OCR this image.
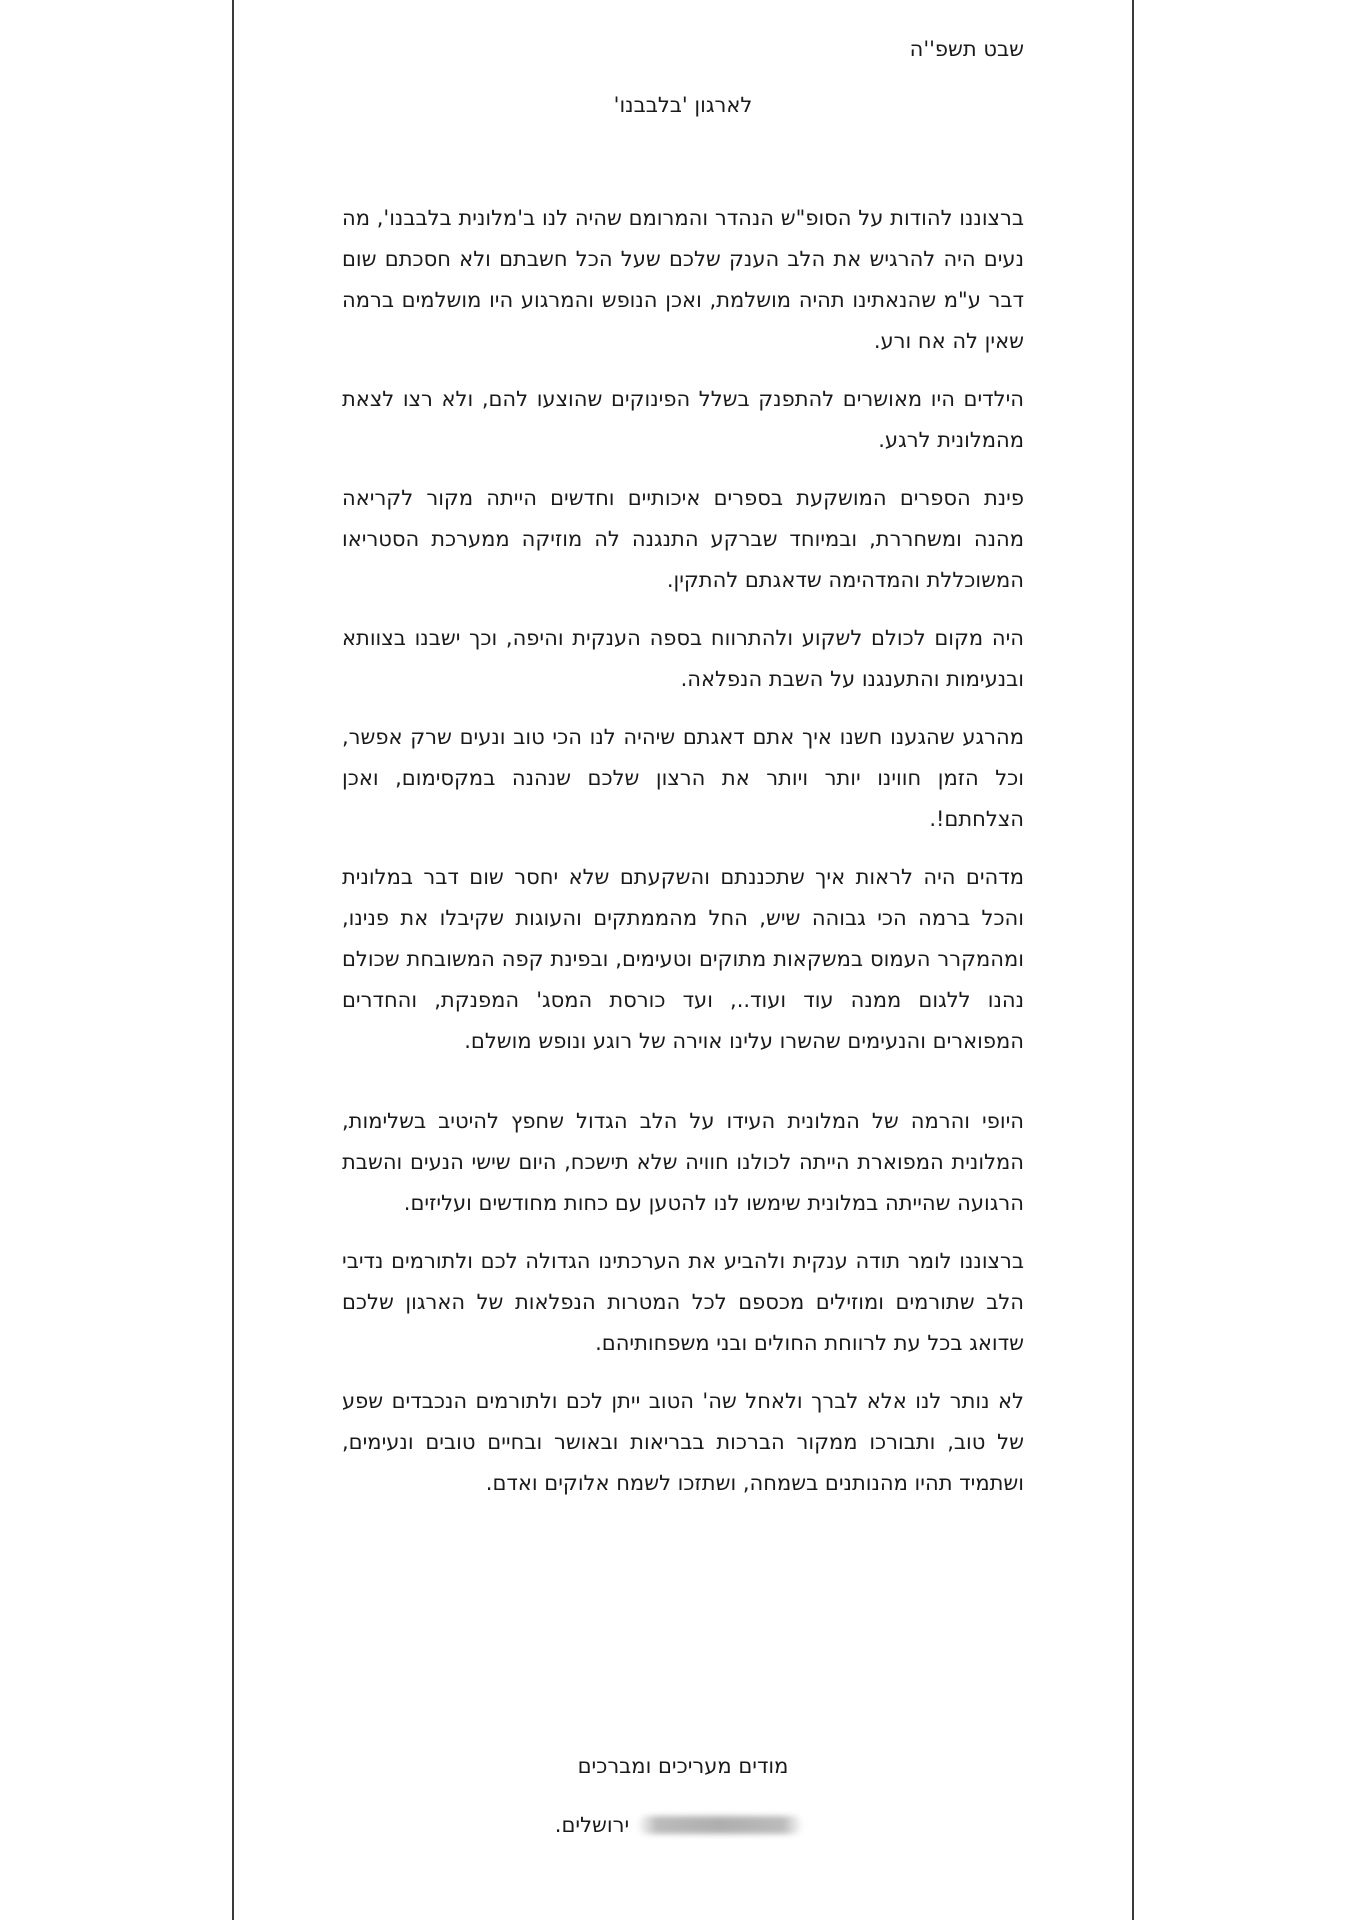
שבט תשפ''ה
לארגון 'בלבבנו'

ברצוננו להודות על הסופ"ש הנהדר והמרומם שהיה לנו ב'מלונית בלבבנו', מה נעים היה להרגיש את הלב הענק שלכם שעל הכל חשבתם ולא חסכתם שום דבר ע"מ שהנאתינו תהיה מושלמת, ואכן הנופש והמרגוע היו מושלמים ברמה שאין לה אח ורע.

הילדים היו מאושרים להתפנק בשלל הפינוקים שהוצעו להם, ולא רצו לצאת מהמלונית לרגע.

פינת הספרים המושקעת בספרים איכותיים וחדשים הייתה מקור לקריאה מהנה ומשחררת, ובמיוחד שברקע התנגנה לה מוזיקה ממערכת הסטריאו המשוכללת והמדהימה שדאגתם להתקין.

היה מקום לכולם לשקוע ולהתרווח בספה הענקית והיפה, וכך ישבנו בצוותא ובנעימות והתענגנו על השבת הנפלאה.

מהרגע שהגענו חשנו איך אתם דאגתם שיהיה לנו הכי טוב ונעים שרק אפשר, וכל הזמן חווינו יותר ויותר את הרצון שלכם שנהנה במקסימום, ואכן הצלחתם!.

מדהים היה לראות איך שתכננתם והשקעתם שלא יחסר שום דבר במלונית והכל ברמה הכי גבוהה שיש, החל מהממתקים והעוגות שקיבלו את פנינו, ומהמקרר העמוס במשקאות מתוקים וטעימים, ובפינת קפה המשובחת שכולם נהנו ללגום ממנה עוד ועוד.., ועד כורסת המסג' המפנקת, והחדרים המפוארים והנעימים שהשרו עלינו אוירה של רוגע ונופש מושלם.

היופי והרמה של המלונית העידו על הלב הגדול שחפץ להיטיב בשלימות, המלונית המפוארת הייתה לכולנו חוויה שלא תישכח, היום שישי הנעים והשבת הרגועה שהייתה במלונית שימשו לנו להטען עם כחות מחודשים ועליזים.

ברצוננו לומר תודה ענקית ולהביע את הערכתינו הגדולה לכם ולתורמים נדיבי הלב שתורמים ומוזילים מכספם לכל המטרות הנפלאות של הארגון שלכם שדואג בכל עת לרווחת החולים ובני משפחותיהם.

לא נותר לנו אלא לברך ולאחל שה' הטוב ייתן לכם ולתורמים הנכבדים שפע של טוב, ותבורכו ממקור הברכות בבריאות ובאושר ובחיים טובים ונעימים, ושתמיד תהיו מהנותנים בשמחה, ושתזכו לשמח אלוקים ואדם.

מודים מעריכים ומברכים
ירושלים.
